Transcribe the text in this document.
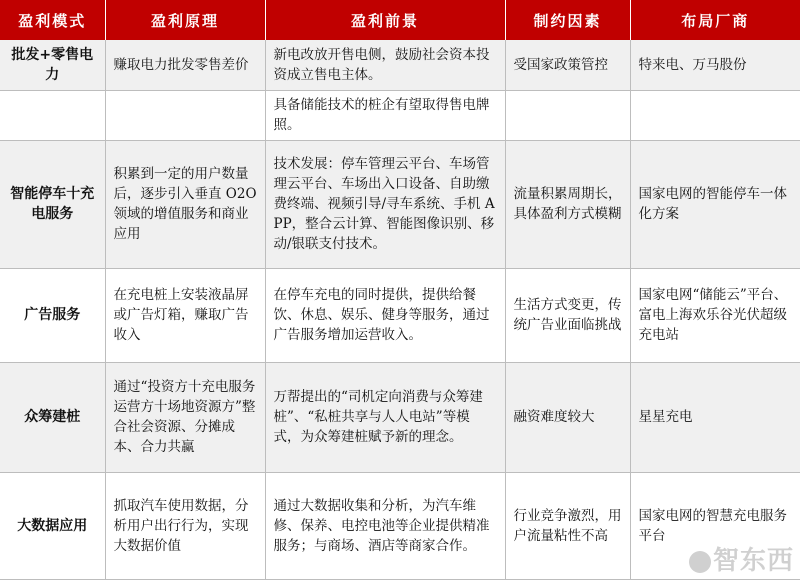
盈利模式	盈利原理	盈利前景	制约因素	布局厂商
批发+零售电力	赚取电力批发零售差价	新电改放开售电侧，鼓励社会资本投资成立售电主体。	受国家政策管控	特来电、万马股份
		具备储能技术的桩企有望取得售电牌照。		
智能停车十充电服务	积累到一定的用户数量后，逐步引入垂直 O2O 领域的增值服务和商业应用	技术发展：停车管理云平台、车场管理云平台、车场出入口设备、自助缴费终端、视频引导/寻车系统、手机 APP，整合云计算、智能图像识别、移动/银联支付技术。	流量积累周期长，具体盈利方式模糊	国家电网的智能停车一体化方案
广告服务	在充电桩上安装液晶屏或广告灯箱，赚取广告收入	在停车充电的同时提供，提供给餐饮、休息、娱乐、健身等服务，通过广告服务增加运营收入。	生活方式变更，传统广告业面临挑战	国家电网“储能云”平台、富电上海欢乐谷光伏超级充电站
众筹建桩	通过“投资方十充电服务运营方十场地资源方”整合社会资源、分摊成本、合力共赢	万帮提出的“司机定向消费与众筹建桩”、“私桩共享与人人电站”等模式，为众筹建桩赋予新的理念。	融资难度较大	星星充电
大数据应用	抓取汽车使用数据，分析用户出行行为，实现大数据价值	通过大数据收集和分析，为汽车维修、保养、电控电池等企业提供精准服务；与商场、酒店等商家合作。	行业竞争激烈，用户流量粘性不高	国家电网的智慧充电服务平台
智东西
